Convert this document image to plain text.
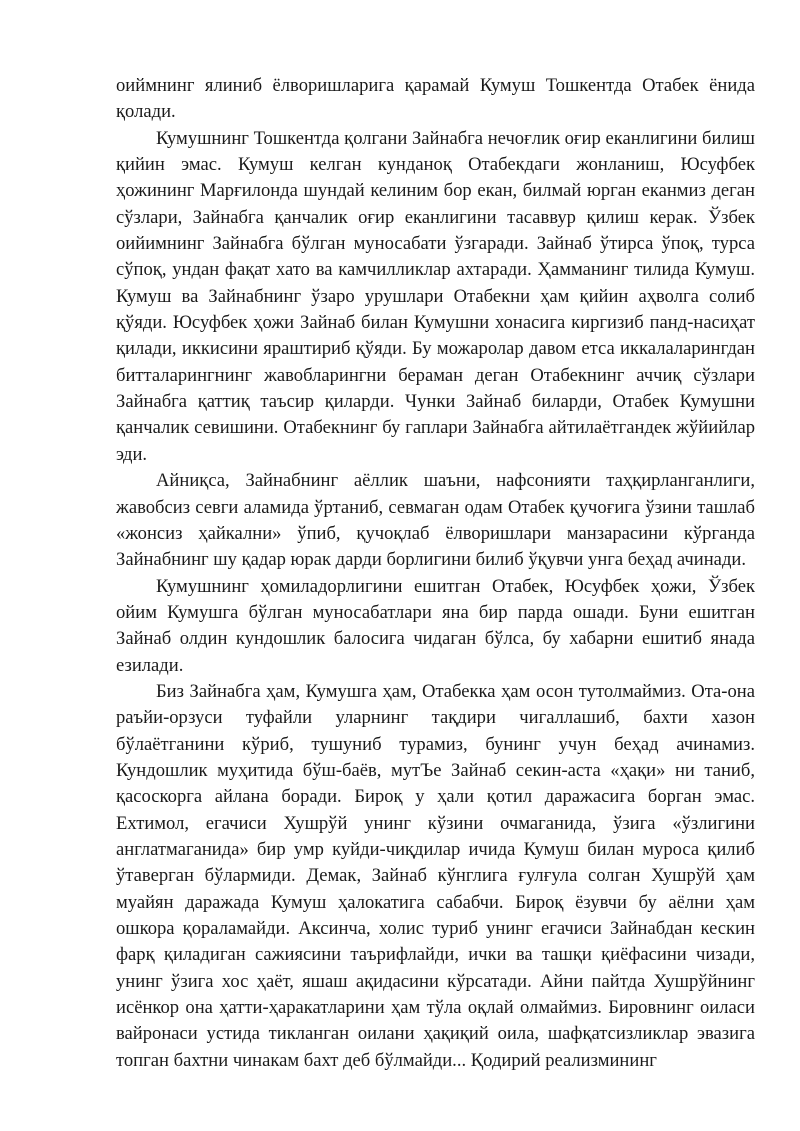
оиймнинг ялиниб ёлворишларига қарамай Кумуш Тошкентда Отабек ёнида қолади.

Кумушнинг Тошкентда қолгани Зайнабга нечоғлик оғир еканлигини билиш қийин эмас. Кумуш келган кунданоқ Отабекдаги жонланиш, Юсуфбек ҳожининг Марғилонда шундай келиним бор екан, билмай юрган еканмиз деган сўзлари, Зайнабга қанчалик оғир еканлигини тасаввур қилиш керак. Ўзбек оийимнинг Зайнабга бўлган муносабати ўзгаради. Зайнаб ўтирса ўпоқ, турса сўпоқ, ундан фақат хато ва камчилликлар ахтаради. Ҳамманинг тилида Кумуш. Кумуш ва Зайнабнинг ўзаро урушлари Отабекни ҳам қийин аҳволга солиб қўяди. Юсуфбек ҳожи Зайнаб билан Кумушни хонасига киргизиб панд-насиҳат қилади, иккисини яраштириб қўяди. Бу можаролар давом етса иккалаларингдан битталарингнинг жавобларингни бераман деган Отабекнинг аччиқ сўзлари Зайнабга қаттиқ таъсир қиларди. Чунки Зайнаб биларди, Отабек Кумушни қанчалик севишини. Отабекнинг бу гаплари Зайнабга айтилаётгандек жўйийлар эди.

Айниқса, Зайнабнинг аёллик шаъни, нафсонияти таҳқирланганлиги, жавобсиз севги аламида ўртаниб, севмаган одам Отабек қучоғига ўзини ташлаб «жонсиз ҳайкални» ўпиб, қучоқлаб ёлворишлари манзарасини кўрганда Зайнабнинг шу қадар юрак дарди борлигини билиб ўқувчи унга беҳад ачинади.

Кумушнинг ҳомиладорлигини ешитган Отабек, Юсуфбек ҳожи, Ўзбек ойим Кумушга бўлган муносабатлари яна бир парда ошади. Буни ешитган Зайнаб олдин кундошлик балосига чидаган бўлса, бу хабарни ешитиб янада езилади.

Биз Зайнабга ҳам, Кумушга ҳам, Отабекка ҳам осон тутолмаймиз. Ота-она раъйи-орзуси туфайли уларнинг тақдири чигаллашиб, бахти хазон бўлаётганини кўриб, тушуниб турамиз, бунинг учун беҳад ачинамиз. Кундошлик муҳитида бўш-баёв, мутЪе Зайнаб секин-аста «ҳақи» ни таниб, қасоскорга айлана боради. Бироқ у ҳали қотил даражасига борган эмас. Ехтимол, егачиси Хушрўй унинг кўзини очмаганида, ўзига «ўзлигини англатмаганида» бир умр куйди-чиқдилар ичида Кумуш билан муроса қилиб ўтаверган бўлармиди. Демак, Зайнаб кўнглига ғулғула солган Хушрўй ҳам муайян даражада Кумуш ҳалокатига сабабчи. Бироқ ёзувчи бу аёлни ҳам ошкора қораламайди. Аксинча, холис туриб унинг егачиси Зайнабдан кескин фарқ қиладиган сажиясини таърифлайди, ички ва ташқи қиёфасини чизади, унинг ўзига хос ҳаёт, яшаш ақидасини кўрсатади. Айни пайтда Хушрўйнинг исёнкор она ҳатти-ҳаракатларини ҳам тўла оқлай олмаймиз. Бировнинг оиласи вайронаси устида тикланган оилани ҳақиқий оила, шафқатсизликлар эвазига топган бахтни чинакам бахт деб бўлмайди... Қодирий реализмининг
